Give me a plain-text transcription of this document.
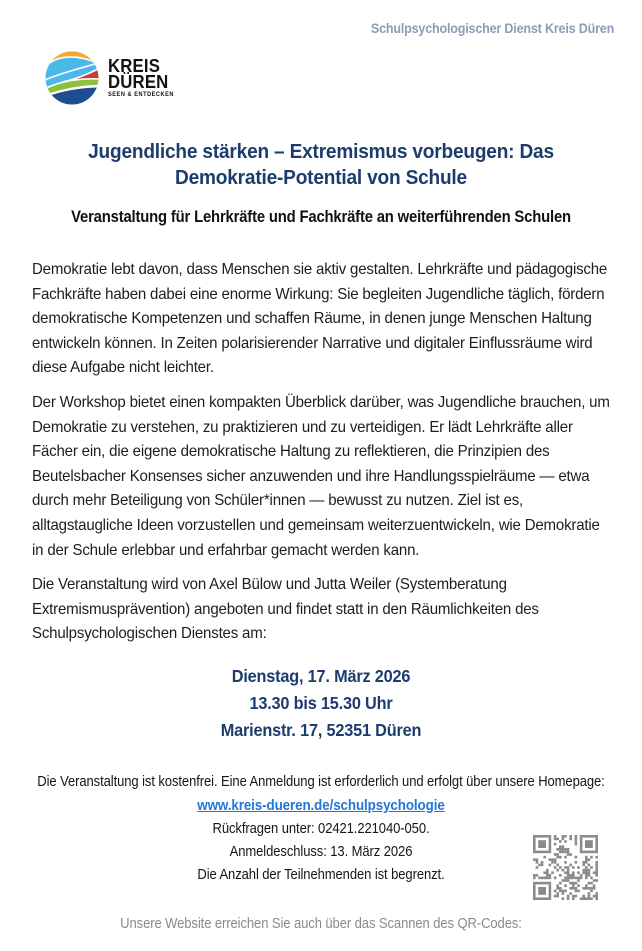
Schulpsychologischer Dienst Kreis Düren
KREIS
DÜREN
SEEN & ENTDECKEN
Jugendliche stärken – Extremismus vorbeugen: Das Demokratie-Potential von Schule
Veranstaltung für Lehrkräfte und Fachkräfte an weiterführenden Schulen

Demokratie lebt davon, dass Menschen sie aktiv gestalten. Lehrkräfte und pädagogische Fachkräfte haben dabei eine enorme Wirkung: Sie begleiten Jugendliche täglich, fördern demokratische Kompetenzen und schaffen Räume, in denen junge Menschen Haltung entwickeln können. In Zeiten polarisierender Narrative und digitaler Einflussräume wird diese Aufgabe nicht leichter.

Der Workshop bietet einen kompakten Überblick darüber, was Jugendliche brauchen, um Demokratie zu verstehen, zu praktizieren und zu verteidigen. Er lädt Lehrkräfte aller Fächer ein, die eigene demokratische Haltung zu reflektieren, die Prinzipien des Beutelsbacher Konsenses sicher anzuwenden und ihre Handlungsspielräume — etwa durch mehr Beteiligung von Schüler*innen — bewusst zu nutzen. Ziel ist es, alltagstaugliche Ideen vorzustellen und gemeinsam weiterzuentwickeln, wie Demokratie in der Schule erlebbar und erfahrbar gemacht werden kann.

Die Veranstaltung wird von Axel Bülow und Jutta Weiler (Systemberatung Extremismusprävention) angeboten und findet statt in den Räumlichkeiten des Schulpsychologischen Dienstes am:

Dienstag, 17. März 2026
13.30 bis 15.30 Uhr
Marienstr. 17, 52351 Düren
Die Veranstaltung ist kostenfrei. Eine Anmeldung ist erforderlich und erfolgt über unsere Homepage:
www.kreis-dueren.de/schulpsychologie
Rückfragen unter: 02421.221040-050.
Anmeldeschluss: 13. März 2026
Die Anzahl der Teilnehmenden ist begrenzt.
Unsere Website erreichen Sie auch über das Scannen des QR-Codes:
